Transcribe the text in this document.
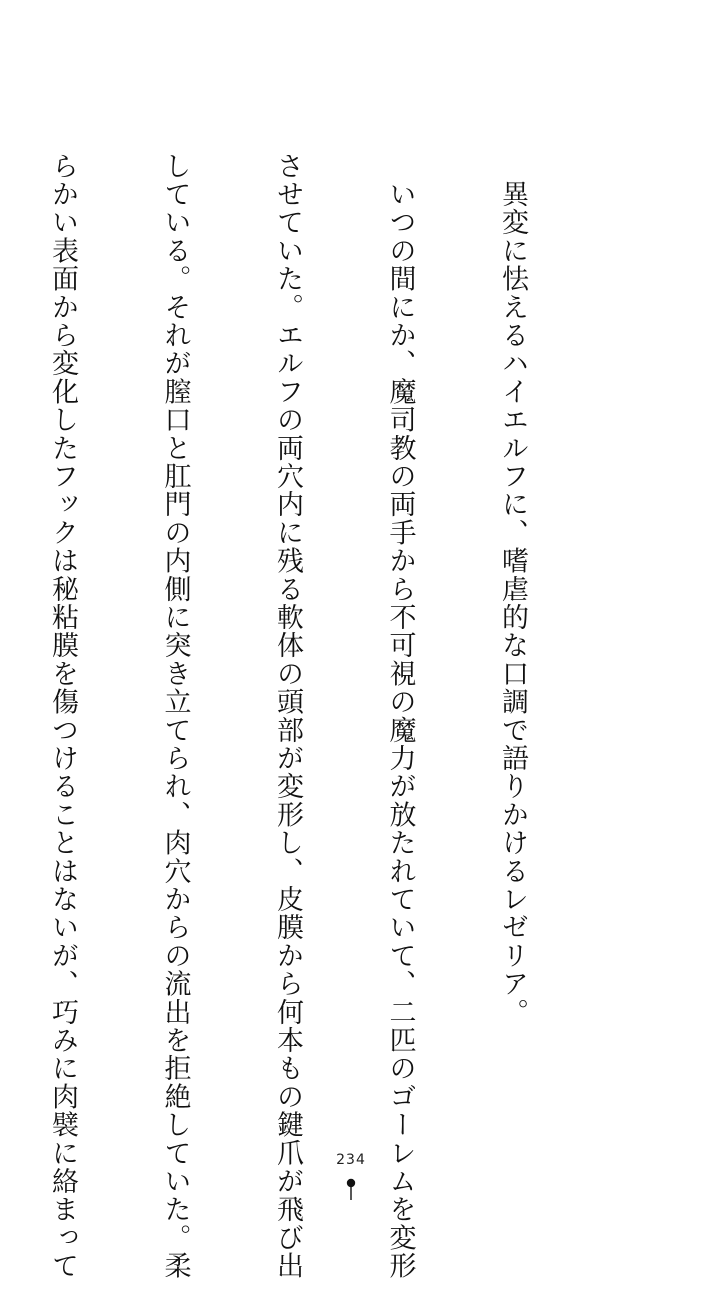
　異変に怯えるハイエルフに、嗜虐的な口調で語りかけるレゼリア。

　いつの間にか、魔司教の両手から不可視の魔力が放たれていて、二匹のゴーレムを変形

させていた。エルフの両穴内に残る軟体の頭部が変形し、皮膜から何本もの鍵爪が飛び出

している。それが膣口と肛門の内側に突き立てられ、肉穴からの流出を拒絶していた。柔

らかい表面から変化したフックは秘粘膜を傷つけることはないが、巧みに肉襞に絡まって

	234
